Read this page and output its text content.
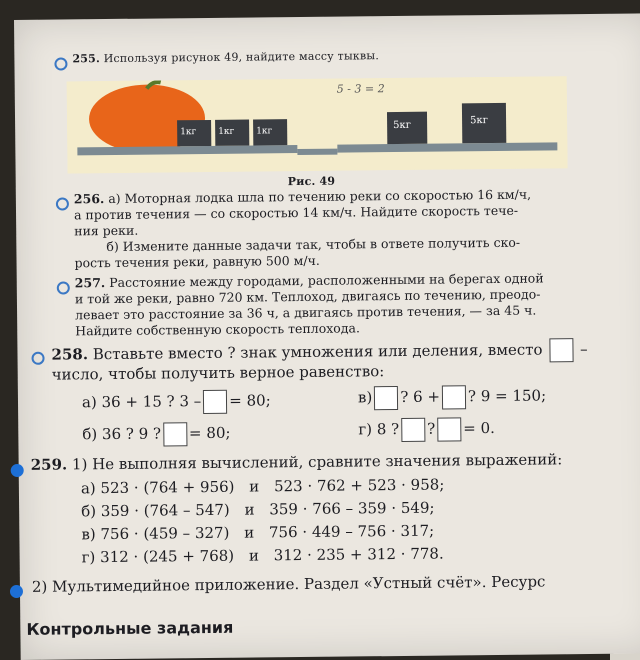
255. Используя рисунок 49, найдите массу тыквы.
1кг 1кг 1кг
5кг	5кг
5 - 3 = 2
Рис. 49
256. а) Моторная лодка шла по течению реки со скоростью 16 км/ч,
а против течения — со скоростью 14 км/ч. Найдите скорость тече-
ния реки.
б) Измените данные задачи так, чтобы в ответе получить ско-
рость течения реки, равную 500 м/ч.
257. Расстояние между городами, расположенными на берегах одной
и той же реки, равно 720 км. Теплоход, двигаясь по течению, преодо-
левает это расстояние за 36 ч, а двигаясь против течения, — за 45 ч.
Найдите собственную скорость теплохода.
258. Вставьте вместо ? знак умножения или деления, вместо –
число, чтобы получить верное равенство:
а) 36 + 15 ? 3 – = 80;	в) ? 6 + ? 9 = 150;
б) 36 ? 9 ? = 80;	г) 8 ? ? = 0.
259. 1) Не выполняя вычислений, сравните значения выражений:
а) 523 · (764 + 956) и 523 · 762 + 523 · 958;
б) 359 · (764 – 547) и 359 · 766 – 359 · 549;
в) 756 · (459 – 327) и 756 · 449 – 756 · 317;
г) 312 · (245 + 768) и 312 · 235 + 312 · 778.
2) Мультимедийное приложение. Раздел «Устный счёт». Ресурс
Контрольные задания
